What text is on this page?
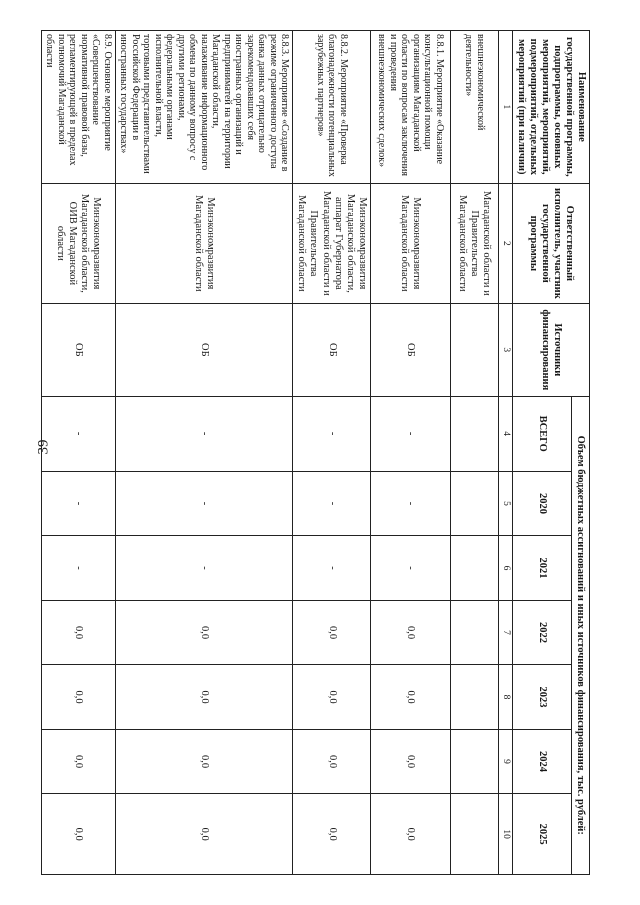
39
Наименование государственной программы, подпрограммы, основных мероприятий, мероприятий, подмероприятий, отдельных мероприятий (при наличии)	Ответственный исполнитель, участник государственной программы	Источники финансирования	Объем бюджетных ассигнований и иных источников финансирования, тыс. рублей:						
			ВСЕГО	2020	2021	2022	2023	2024	2025
1	2	3	4	5	6	7	8	9	10
внешнеэкономической деятельности»	Магаданской области и Правительства Магаданской области								
8.8.1. Мероприятие «Оказание консультационной помощи организациям Магаданской области по вопросам заключения и проведения внешнеэкономических сделок»	Минэкономразвития Магаданской области	ОБ	-	-	-	0,0	0,0	0,0	0,0
8.8.2. Мероприятие «Проверка благонадежности потенциальных зарубежных партнеров»	Минэкономразвития Магаданской области, аппарат Губернатора Магаданской области и Правительства Магаданской области	ОБ	-	-	-	0,0	0,0	0,0	0,0
8.8.3. Мероприятие «Создание в режиме ограниченного доступа банка данных отрицательно зарекомендовавших себя иностранных организаций и предприниматей на территории Магаданской области, налаживание информационного обмена по данному вопросу с другими регионами, федеральными органами исполнительной власти, торговыми представительствами Российской Федерации в иностранных государствах»	Минэкономразвития Магаданской области	ОБ	-	-	-	0,0	0,0	0,0	0,0
8.9. Основное мероприятие «Совершенствование нормативной правовой базы, регламентирующей в пределах полномочий Магаданской области	Минэкономразвития Магаданской области, ОИВ Магаданской области	ОБ	-	-	-	0,0	0,0	0,0	0,0
